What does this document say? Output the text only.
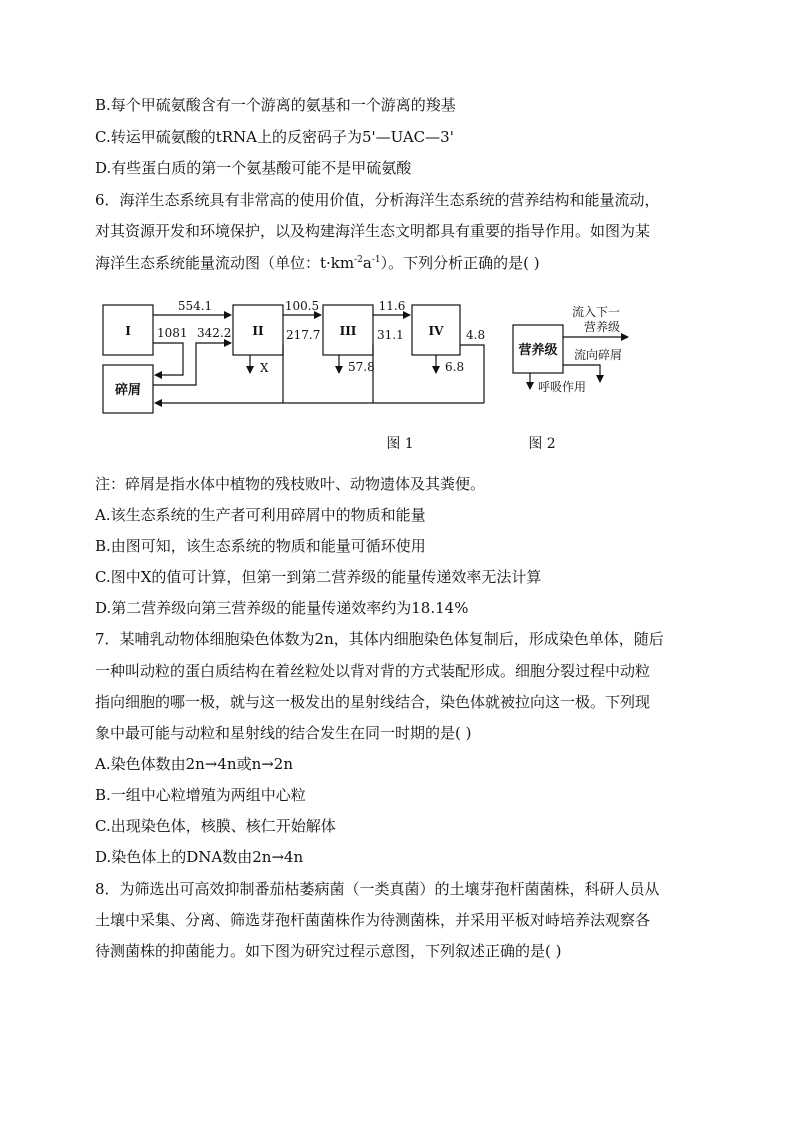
B.每个甲硫氨酸含有一个游离的氨基和一个游离的羧基
C.转运甲硫氨酸的tRNA上的反密码子为5'—UAC—3'
D.有些蛋白质的第一个氨基酸可能不是甲硫氨酸
6．海洋生态系统具有非常高的使用价值，分析海洋生态系统的营养结构和能量流动，
对其资源开发和环境保护，以及构建海洋生态文明都具有重要的指导作用。如图为某
海洋生态系统能量流动图（单位：$t\cdot km^{-2}a^{-1}$）。下列分析正确的是( )
I	II	III	IV
碎屑
554.1
1081 342.2
100.5
217.7
11.6
31.1	4.8
X	57.8	6.8
营养级
流入下一
营养级
流向碎屑
呼吸作用
图 1	图 2
注：碎屑是指水体中植物的残枝败叶、动物遗体及其粪便。
A.该生态系统的生产者可利用碎屑中的物质和能量
B.由图可知，该生态系统的物质和能量可循环使用
C.图中X的值可计算，但第一到第二营养级的能量传递效率无法计算
D.第二营养级向第三营养级的能量传递效率约为18.14%
7．某哺乳动物体细胞染色体数为2n，其体内细胞染色体复制后，形成染色单体，随后
一种叫动粒的蛋白质结构在着丝粒处以背对背的方式装配形成。细胞分裂过程中动粒
指向细胞的哪一极，就与这一极发出的星射线结合，染色体就被拉向这一极。下列现
象中最可能与动粒和星射线的结合发生在同一时期的是( )
A.染色体数由2n→4n或n→2n
B.一组中心粒增殖为两组中心粒
C.出现染色体，核膜、核仁开始解体
D.染色体上的DNA数由2n→4n
8．为筛选出可高效抑制番茄枯萎病菌（一类真菌）的土壤芽孢杆菌菌株，科研人员从
土壤中采集、分离、筛选芽孢杆菌菌株作为待测菌株，并采用平板对峙培养法观察各
待测菌株的抑菌能力。如下图为研究过程示意图，下列叙述正确的是( )
